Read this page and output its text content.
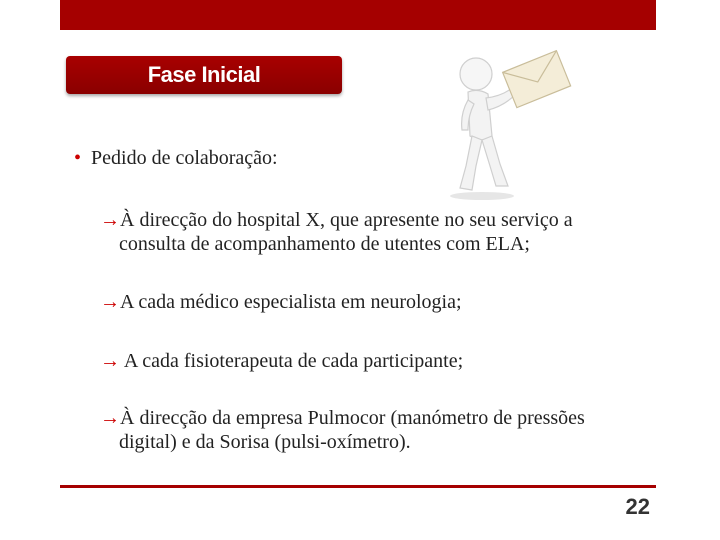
Fase Inicial
• Pedido de colaboração:
→À direcção do hospital X, que apresente no seu serviço a
consulta de acompanhamento de utentes com ELA;
→A cada médico especialista em neurologia;
→ A cada fisioterapeuta de cada participante;
→À direcção da empresa Pulmocor (manómetro de pressões
digital) e da Sorisa (pulsi-oxímetro).
22
